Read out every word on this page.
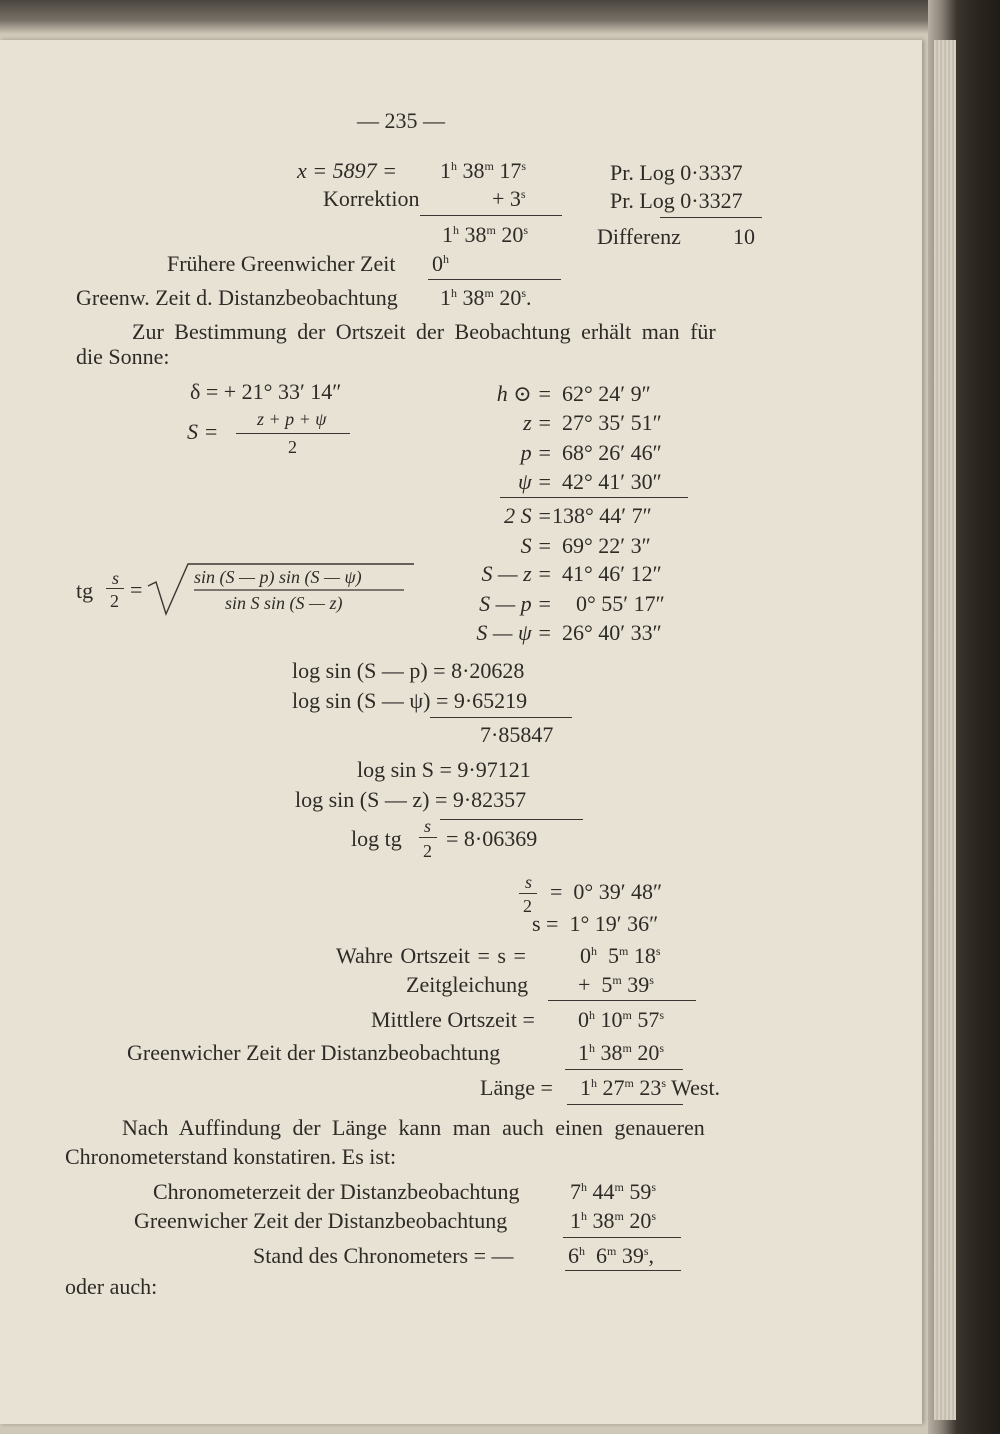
— 235 —
$x = 5897 = 1^h$ 38$^m$ 17$^s$	Pr. Log 0·3337
Korrektion	+ $3^s$	Pr. Log 0·3327
1$^h$ 38$^m$ 20$^s$	Differenz 10
Frühere Greenwicher Zeit 0$^h$
Greenw. Zeit d. Distanzbeobachtung 1$^h$ 38$^m$ 20$^s$.
Zur Bestimmung der Ortszeit der Beobachtung erhält man für
die Sonne:
δ = + 21° 33′ 14″
S = z + p + ψ
2
tg s
2 =	sin (S — p) sin (S — ψ)
sin S sin (S — z)
h ⊙ = 62° 24′ 9″
z = 27° 35′ 51″
p = 68° 26′ 46″
ψ = 42° 41′ 30″
2 S = 138° 44′ 7″
S = 69° 22′ 3″
S — z = 41° 46′ 12″
S — p = 0° 55′ 17″
S — ψ = 26° 40′ 33″
log sin (S — p) = 8·20628
log sin (S — ψ) = 9·65219
7·85847
log sin S = 9·97121
log sin (S — z) = 9·82357
log tg s
2 = 8·06369
s
2
=  0° 39′ 48″
s =  1° 19′ 36″
Wahre Ortszeit = $s = 0^h$  5$^m$ 18$^s$
Zeitgleichung +  5$^m$ 39$^s$
Mittlere Ortszeit = $0^h$ 10$^m$ 57$^s$
Greenwicher Zeit der Distanzbeobachtung	1$^h$ 38$^m$ 20$^s$
Länge = $1^h$ 27$^m$ 23$^s$ West.
Nach Auffindung der Länge kann man auch einen genaueren
Chronometerstand konstatiren. Es ist:
Chronometerzeit der Distanzbeobachtung 7$^h$ 44$^m$ 59$^s$
Greenwicher Zeit der Distanzbeobachtung	1$^h$ 38$^m$ 20$^s$
Stand des Chronometers = — 6$^h$  6$^m$ 39$^s$,
oder auch:
